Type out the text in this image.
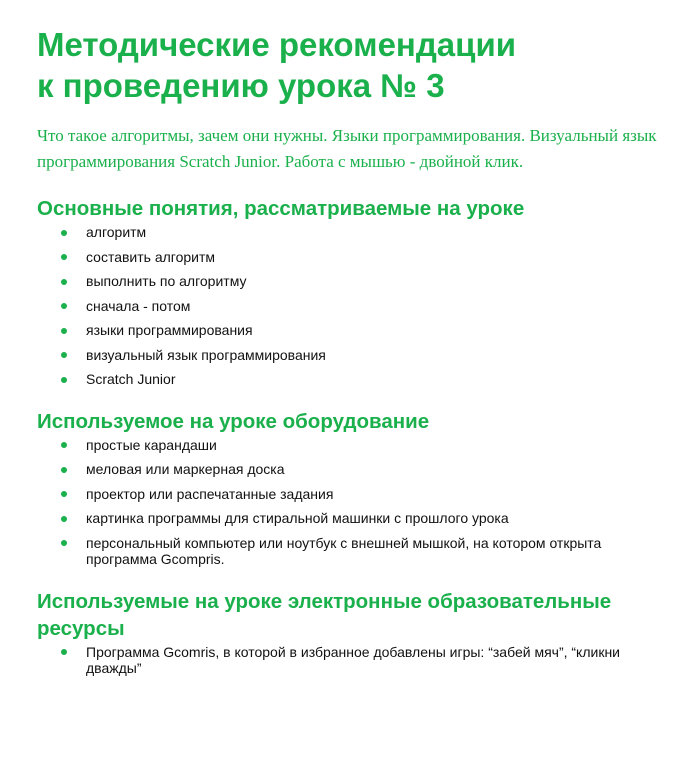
Методические рекомендации
к проведению урока № 3

Что такое алгоритмы, зачем они нужны. Языки программирования. Визуальный язык программирования Scratch Junior. Работа с мышью - двойной клик.

Основные понятия, рассматриваемые на уроке
алгоритм
составить алгоритм
выполнить по алгоритму
сначала - потом
языки программирования
визуальный язык программирования
Scratch Junior
Используемое на уроке оборудование
простые карандаши
меловая или маркерная доска
проектор или распечатанные задания
картинка программы для стиральной машинки с прошлого урока
персональный компьютер или ноутбук с внешней мышкой, на котором открыта программа Gcompris.
Используемые на уроке электронные образовательные ресурсы
Программа Gcomris, в которой в избранное добавлены игры: “забей мяч”, “кликни дважды”
